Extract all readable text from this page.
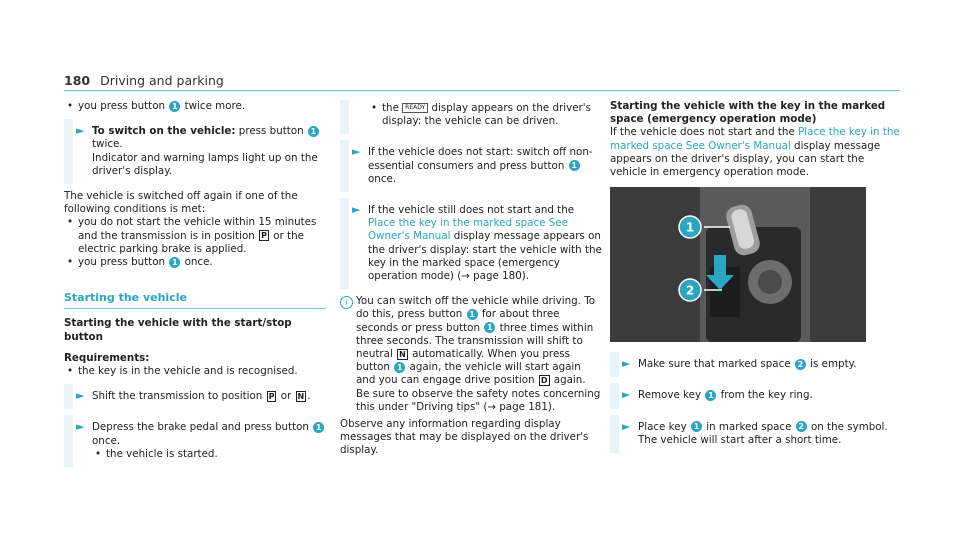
180 Driving and parking

• you press button 1 twice more.

► To switch on the vehicle: press button 1

twice.

Indicator and warning lamps light up on the driver's display.

The vehicle is switched off again if one of the following conditions is met:

• you do not start the vehicle within 15 minutes and the transmission is in position P or the electric parking brake is applied.

• you press button 1 once.

Starting the vehicle

Starting the vehicle with the start/stop button

Requirements:

• the key is in the vehicle and is recognised.

► Shift the transmission to position P or N .

► Depress the brake pedal and press button 1

once.

• the vehicle is started.

• the READY display appears on the driver's display: the vehicle can be driven.

► If the vehicle does not start: switch off non-essential consumers and press button 1

once.

► If the vehicle still does not start and the Place the key in the marked space See Owner's Manual display message appears on the driver's display: start the vehicle with the key in the marked space (emergency operation mode) (→ page 180).

i You can switch off the vehicle while driving. To do this, press button 1 for about three seconds or press button 1 three times within three seconds. The transmission will shift to neutral N automatically. When you press button 1 again, the vehicle will start again and you can engage drive position D again. Be sure to observe the safety notes concerning this under "Driving tips" (→ page 181).

Observe any information regarding display messages that may be displayed on the driver's display.

Starting the vehicle with the key in the marked space (emergency operation mode)

If the vehicle does not start and the Place the key in the marked space See Owner's Manual display message appears on the driver's display, you can start the vehicle in emergency operation mode.

1
2
► Make sure that marked space 2 is empty.

► Remove key 1 from the key ring.

► Place key 1 in marked space 2 on the symbol.

The vehicle will start after a short time.
